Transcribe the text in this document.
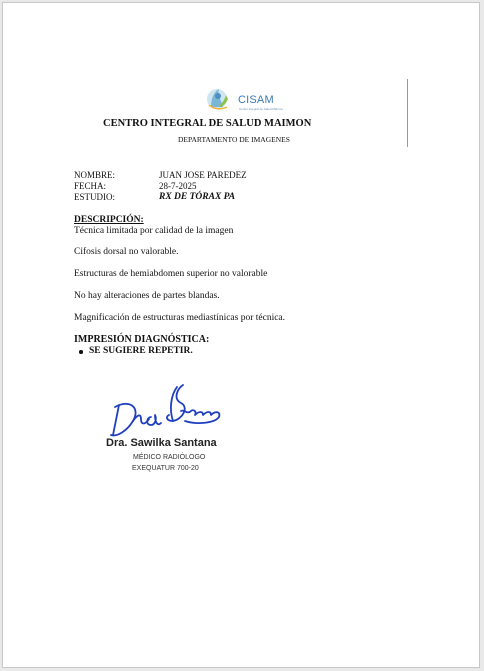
CISAM
Centro Integral de Salud Maimon
CENTRO INTEGRAL DE SALUD MAIMON
DEPARTAMENTO DE IMAGENES
NOMBRE:	JUAN JOSE PAREDEZ
FECHA:	28-7-2025
ESTUDIO:	RX DE TÓRAX PA
DESCRIPCIÓN:
Técnica limitada por calidad de la imagen
Cifosis dorsal no valorable.
Estructuras de hemiabdomen superior no valorable
No hay alteraciones de partes blandas.
Magnificación de estructuras mediastínicas por técnica.
IMPRESIÓN DIAGNÓSTICA:
SE SUGIERE REPETIR.
Dra. Sawilka Santana
MÉDICO RADIÓLOGO
EXEQUATUR 700-20
